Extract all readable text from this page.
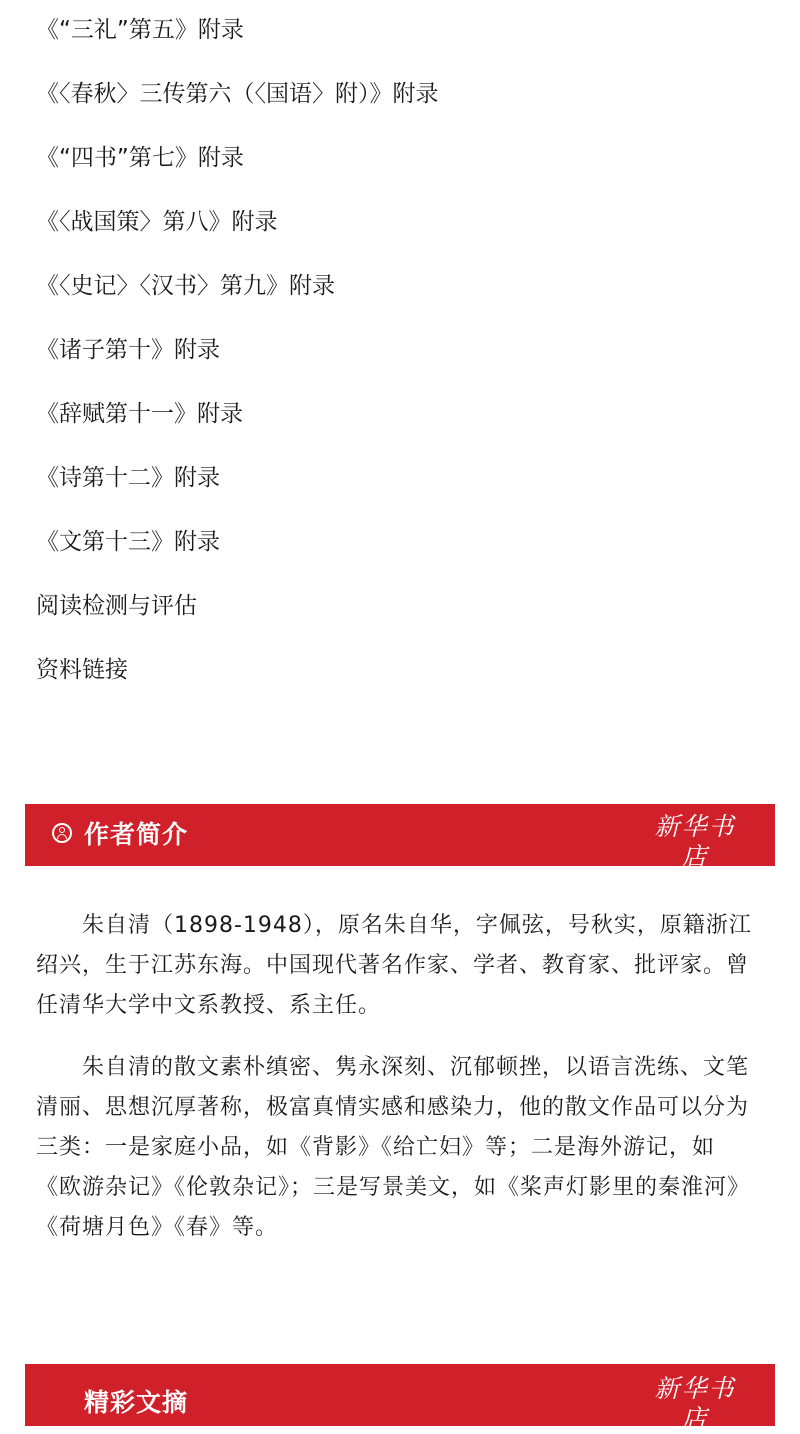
《“三礼”第五》附录
《〈春秋〉三传第六（〈国语〉附）》附录
《“四书”第七》附录
《〈战国策〉第八》附录
《〈史记〉〈汉书〉第九》附录
《诸子第十》附录
《辞赋第十一》附录
《诗第十二》附录
《文第十三》附录
阅读检测与评估
资料链接
作者简介	新华书店
XINHUA BOOKSTORE

朱自清（1898-1948），原名朱自华，字佩弦，号秋实，原籍浙江绍兴，生于江苏东海。中国现代著名作家、学者、教育家、批评家。曾任清华大学中文系教授、系主任。

朱自清的散文素朴缜密、隽永深刻、沉郁顿挫，以语言洗练、文笔清丽、思想沉厚著称，极富真情实感和感染力，他的散文作品可以分为三类：一是家庭小品，如《背影》《给亡妇》等；二是海外游记，如《欧游杂记》《伦敦杂记》；三是写景美文，如《桨声灯影里的秦淮河》《荷塘月色》《春》等。

精彩文摘	新华书店
